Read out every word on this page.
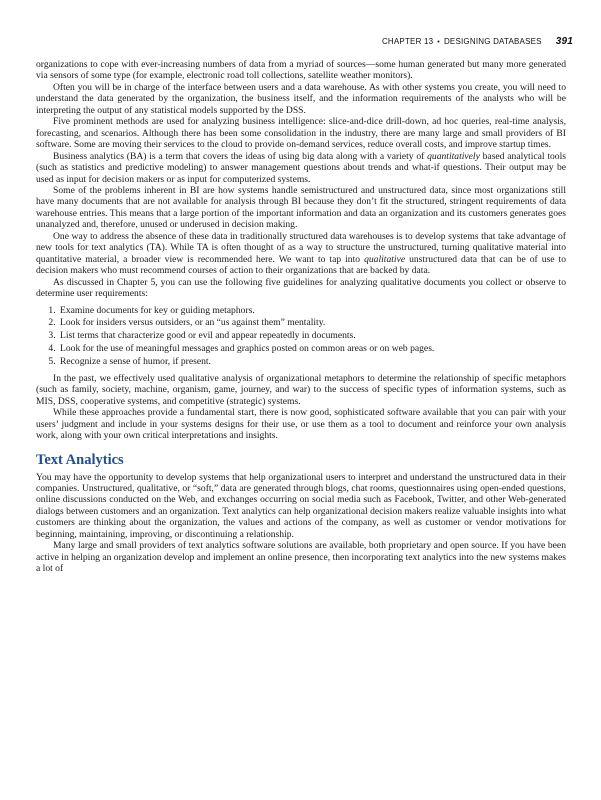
CHAPTER 13 • DESIGNING DATABASES 391

organizations to cope with ever-increasing numbers of data from a myriad of sources—some human generated but many more generated via sensors of some type (for example, electronic road toll collections, satellite weather monitors).

Often you will be in charge of the interface between users and a data warehouse. As with other systems you create, you will need to understand the data generated by the organization, the business itself, and the information requirements of the analysts who will be interpreting the output of any statistical models supported by the DSS.

Five prominent methods are used for analyzing business intelligence: slice-and-dice drill-down, ad hoc queries, real-time analysis, forecasting, and scenarios. Although there has been some consolidation in the industry, there are many large and small providers of BI software. Some are moving their services to the cloud to provide on-demand services, reduce overall costs, and improve startup times.

Business analytics (BA) is a term that covers the ideas of using big data along with a variety of quantitatively based analytical tools (such as statistics and predictive modeling) to answer management questions about trends and what-if questions. Their output may be used as input for decision makers or as input for computerized systems.

Some of the problems inherent in BI are how systems handle semistructured and unstructured data, since most organizations still have many documents that are not available for analysis through BI because they don’t fit the structured, stringent requirements of data warehouse entries. This means that a large portion of the important information and data an organization and its customers generates goes unanalyzed and, therefore, unused or underused in decision making.

One way to address the absence of these data in traditionally structured data warehouses is to develop systems that take advantage of new tools for text analytics (TA). While TA is often thought of as a way to structure the unstructured, turning qualitative material into quantitative material, a broader view is recommended here. We want to tap into qualitative unstructured data that can be of use to decision makers who must recommend courses of action to their organizations that are backed by data.

As discussed in Chapter 5, you can use the following five guidelines for analyzing qualitative documents you collect or observe to determine user requirements:

1. Examine documents for key or guiding metaphors.
2. Look for insiders versus outsiders, or an “us against them” mentality.
3. List terms that characterize good or evil and appear repeatedly in documents.
4. Look for the use of meaningful messages and graphics posted on common areas or on web pages.
5. Recognize a sense of humor, if present.

In the past, we effectively used qualitative analysis of organizational metaphors to determine the relationship of specific metaphors (such as family, society, machine, organism, game, journey, and war) to the success of specific types of information systems, such as MIS, DSS, cooperative systems, and competitive (strategic) systems.

While these approaches provide a fundamental start, there is now good, sophisticated software available that you can pair with your users’ judgment and include in your systems designs for their use, or use them as a tool to document and reinforce your own analysis work, along with your own critical interpretations and insights.

Text Analytics

You may have the opportunity to develop systems that help organizational users to interpret and understand the unstructured data in their companies. Unstructured, qualitative, or “soft,” data are generated through blogs, chat rooms, questionnaires using open-ended questions, online discussions conducted on the Web, and exchanges occurring on social media such as Facebook, Twitter, and other Web-generated dialogs between customers and an organization. Text analytics can help organizational decision makers realize valuable insights into what customers are thinking about the organization, the values and actions of the company, as well as customer or vendor motivations for beginning, maintaining, improving, or discontinuing a relationship.

Many large and small providers of text analytics software solutions are available, both proprietary and open source. If you have been active in helping an organization develop and implement an online presence, then incorporating text analytics into the new systems makes a lot of
